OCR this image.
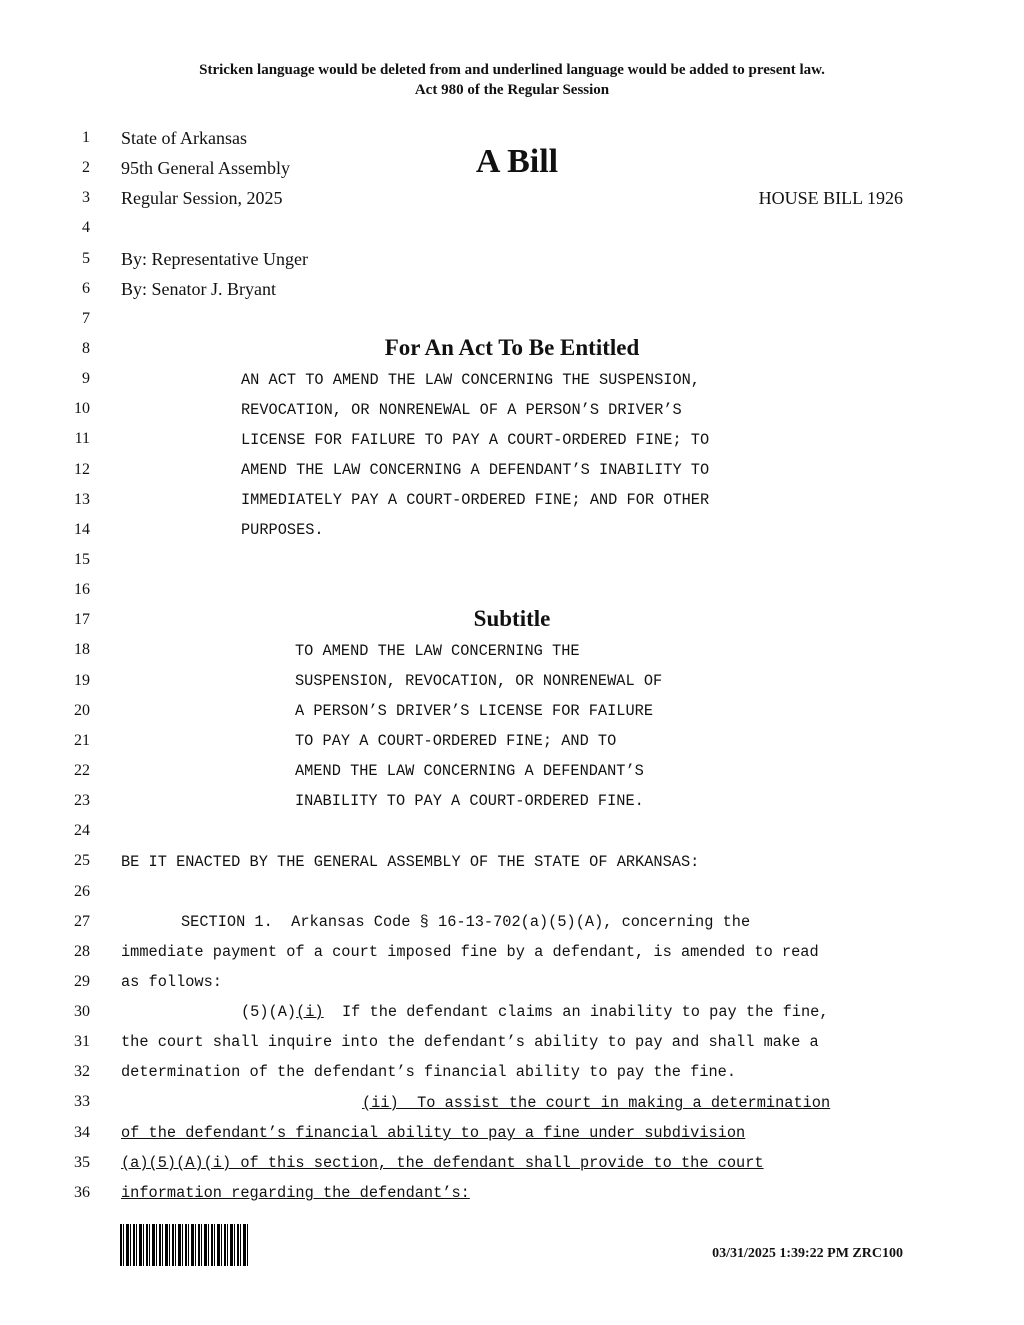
Stricken language would be deleted from and underlined language would be added to present law.
Act 980 of the Regular Session
1
2
3
4
5
6
7
8
9
10
11
12
13
14
15
16
17
18
19
20
21
22
23
24
25
26
27
28
29
30
31
32
33
34
35
36
State of Arkansas
95th General Assembly
Regular Session, 2025
A Bill
HOUSE BILL 1926
By: Representative Unger
By: Senator J. Bryant
For An Act To Be Entitled
AN ACT TO AMEND THE LAW CONCERNING THE SUSPENSION,
REVOCATION, OR NONRENEWAL OF A PERSON’S DRIVER’S
LICENSE FOR FAILURE TO PAY A COURT-ORDERED FINE; TO
AMEND THE LAW CONCERNING A DEFENDANT’S INABILITY TO
IMMEDIATELY PAY A COURT-ORDERED FINE; AND FOR OTHER
PURPOSES.
Subtitle
TO AMEND THE LAW CONCERNING THE
SUSPENSION, REVOCATION, OR NONRENEWAL OF
A PERSON’S DRIVER’S LICENSE FOR FAILURE
TO PAY A COURT-ORDERED FINE; AND TO
AMEND THE LAW CONCERNING A DEFENDANT’S
INABILITY TO PAY A COURT-ORDERED FINE.
BE IT ENACTED BY THE GENERAL ASSEMBLY OF THE STATE OF ARKANSAS:
SECTION 1.  Arkansas Code § 16-13-702(a)(5)(A), concerning the
immediate payment of a court imposed fine by a defendant, is amended to read
as follows:
(5)(A)(i)  If the defendant claims an inability to pay the fine,
the court shall inquire into the defendant’s ability to pay and shall make a
determination of the defendant’s financial ability to pay the fine.
(ii)  To assist the court in making a determination
of the defendant’s financial ability to pay a fine under subdivision
(a)(5)(A)(i) of this section, the defendant shall provide to the court
information regarding the defendant’s:
03/31/2025 1:39:22 PM ZRC100
